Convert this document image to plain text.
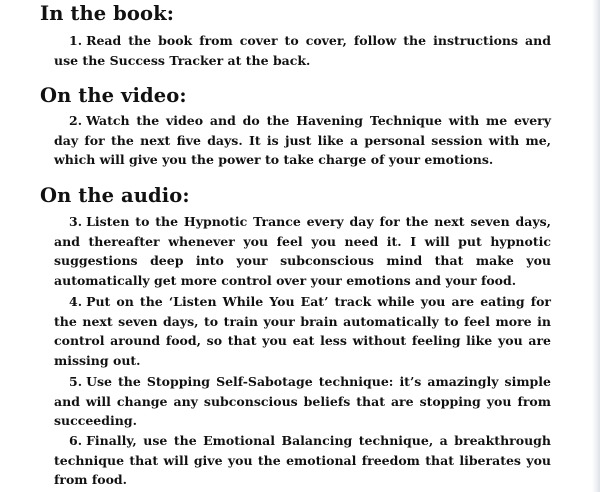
In the book:

1. Read the book from cover to cover, follow the instructions and use the Success Tracker at the back.

On the video:

2. Watch the video and do the Havening Technique with me every day for the next five days. It is just like a personal session with me, which will give you the power to take charge of your emotions.

On the audio:

3. Listen to the Hypnotic Trance every day for the next seven days, and thereafter whenever you feel you need it. I will put hypnotic suggestions deep into your subconscious mind that make you automatically get more control over your emotions and your food.

4. Put on the ‘Listen While You Eat’ track while you are eating for the next seven days, to train your brain automatically to feel more in control around food, so that you eat less without feeling like you are missing out.

5. Use the Stopping Self-Sabotage technique: it’s amazingly simple and will change any subconscious beliefs that are stopping you from succeeding.

6. Finally, use the Emotional Balancing technique, a breakthrough technique that will give you the emotional freedom that liberates you from food.
